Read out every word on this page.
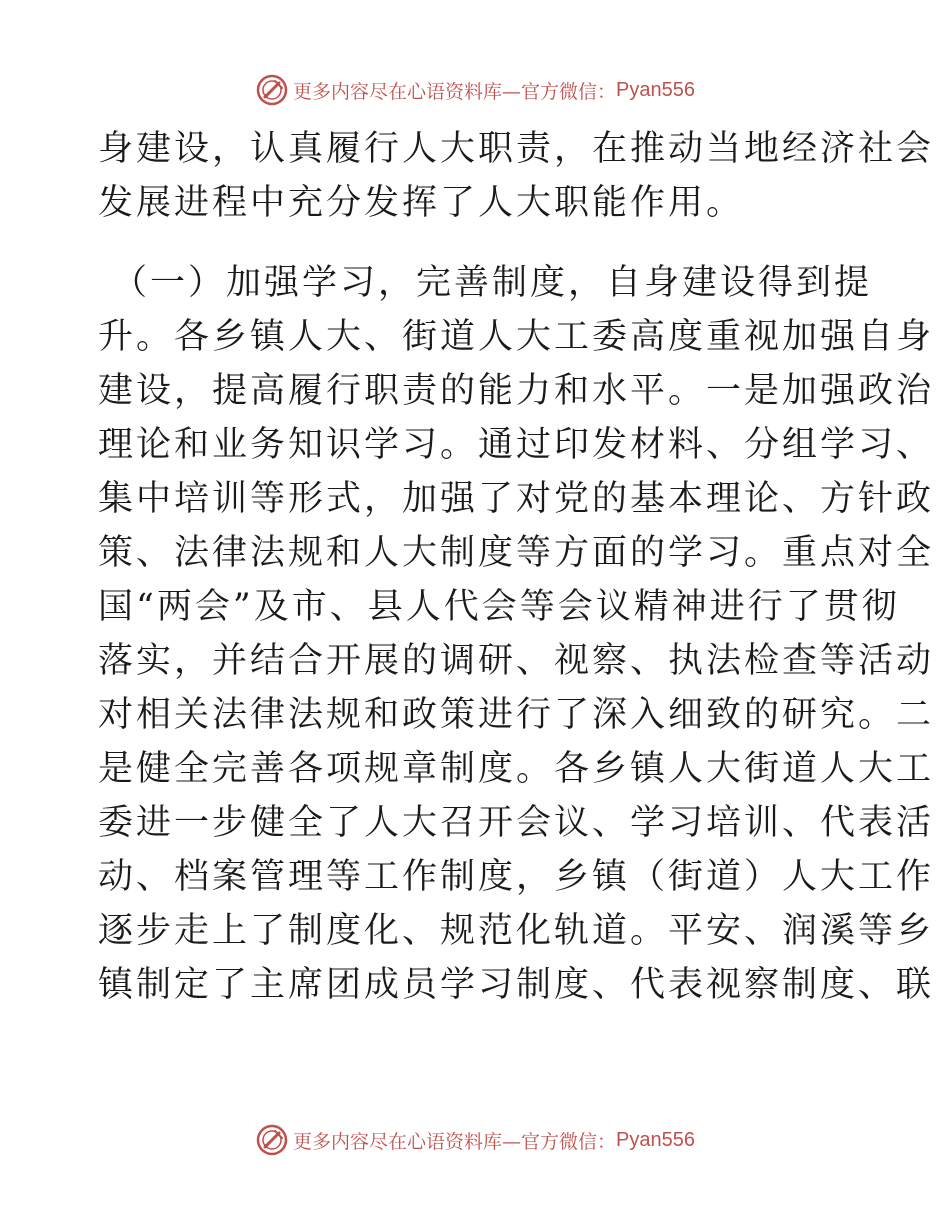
更多内容尽在心语资料库—官方微信： Pyan556
身建设，认真履行人大职责，在推动当地经济社会
发展进程中充分发挥了人大职能作用。
（一）加强学习，完善制度，自身建设得到提
升。各乡镇人大、街道人大工委高度重视加强自身
建设，提高履行职责的能力和水平。一是加强政治
理论和业务知识学习。通过印发材料、分组学习、
集中培训等形式，加强了对党的基本理论、方针政
策、法律法规和人大制度等方面的学习。重点对全
国“两会”及市、县人代会等会议精神进行了贯彻
落实，并结合开展的调研、视察、执法检查等活动
对相关法律法规和政策进行了深入细致的研究。二
是健全完善各项规章制度。各乡镇人大街道人大工
委进一步健全了人大召开会议、学习培训、代表活
动、档案管理等工作制度，乡镇（街道）人大工作
逐步走上了制度化、规范化轨道。平安、润溪等乡
镇制定了主席团成员学习制度、代表视察制度、联
更多内容尽在心语资料库—官方微信： Pyan556
